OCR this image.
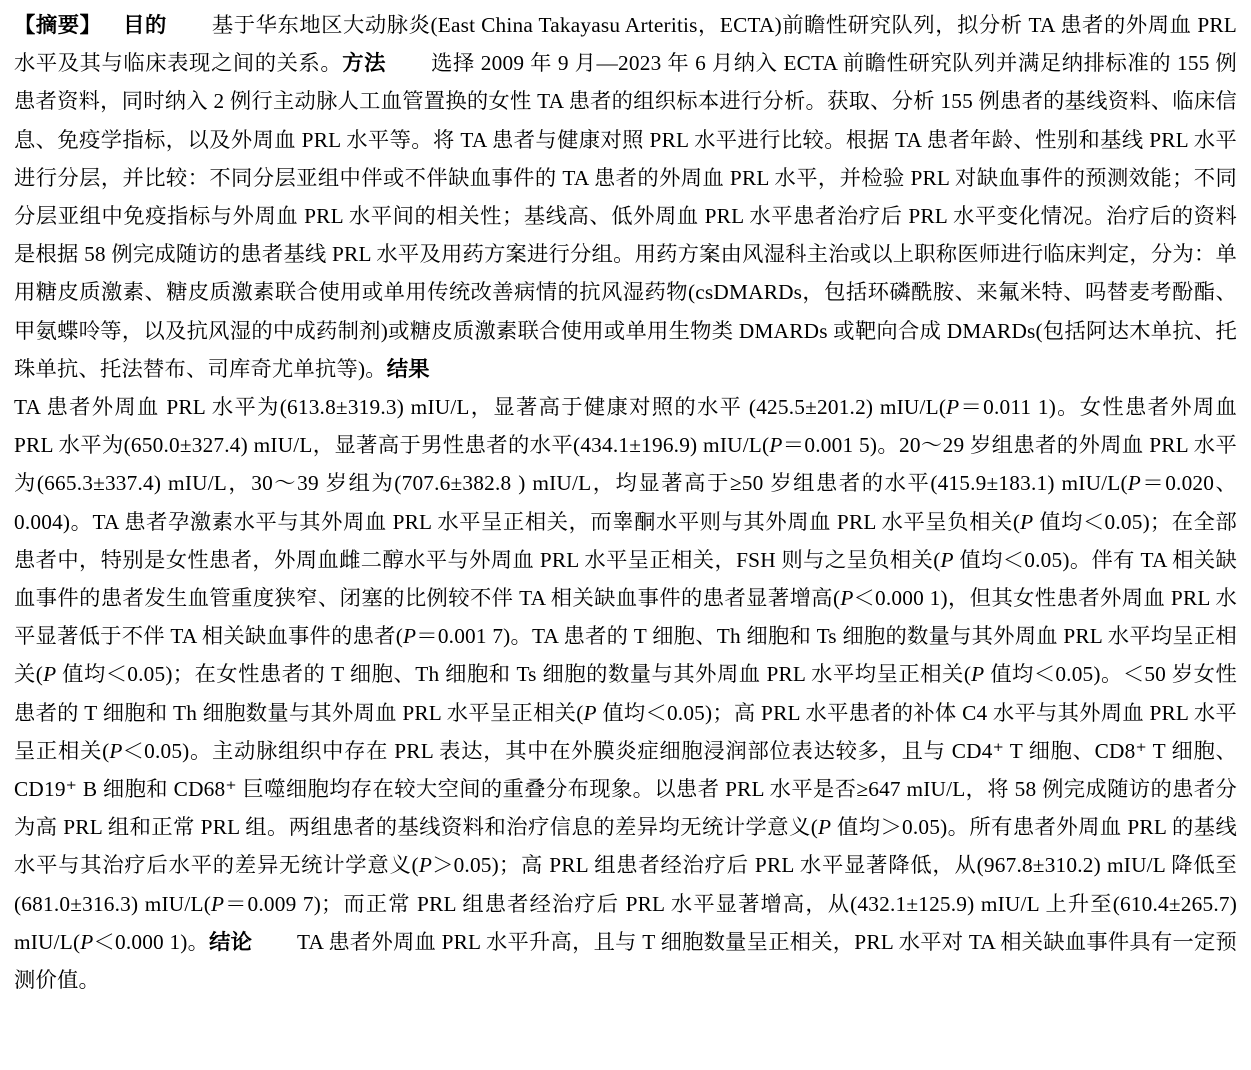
【摘要】 目的 基于华东地区大动脉炎(East China Takayasu Arteritis，ECTA)前瞻性研究队列，拟分析 TA 患者的外周血 PRL 水平及其与临床表现之间的关系。方法 选择 2009 年 9 月—2023 年 6 月纳入 ECTA 前瞻性研究队列并满足纳排标准的 155 例患者资料，同时纳入 2 例行主动脉人工血管置换的女性 TA 患者的组织标本进行分析。获取、分析 155 例患者的基线资料、临床信息、免疫学指标，以及外周血 PRL 水平等。将 TA 患者与健康对照 PRL 水平进行比较。根据 TA 患者年龄、性别和基线 PRL 水平进行分层，并比较：不同分层亚组中伴或不伴缺血事件的 TA 患者的外周血 PRL 水平，并检验 PRL 对缺血事件的预测效能；不同分层亚组中免疫指标与外周血 PRL 水平间的相关性；基线高、低外周血 PRL 水平患者治疗后 PRL 水平变化情况。治疗后的资料是根据 58 例完成随访的患者基线 PRL 水平及用药方案进行分组。用药方案由风湿科主治或以上职称医师进行临床判定，分为：单用糖皮质激素、糖皮质激素联合使用或单用传统改善病情的抗风湿药物(csDMARDs，包括环磷酰胺、来氟米特、吗替麦考酚酯、甲氨蝶呤等，以及抗风湿的中成药制剂)或糖皮质激素联合使用或单用生物类 DMARDs 或靶向合成 DMARDs(包括阿达木单抗、托珠单抗、托法替布、司库奇尤单抗等)。结果
TA 患者外周血 PRL 水平为(613.8±319.3) mIU/L，显著高于健康对照的水平 (425.5±201.2) mIU/L(P＝0.011 1)。女性患者外周血 PRL 水平为(650.0±327.4) mIU/L，显著高于男性患者的水平(434.1±196.9) mIU/L(P＝0.001 5)。20～29 岁组患者的外周血 PRL 水平为(665.3±337.4) mIU/L，30～39 岁组为(707.6±382.8 ) mIU/L，均显著高于≥50 岁组患者的水平(415.9±183.1) mIU/L(P＝0.020、0.004)。TA 患者孕激素水平与其外周血 PRL 水平呈正相关，而睾酮水平则与其外周血 PRL 水平呈负相关(P 值均＜0.05)；在全部患者中，特别是女性患者，外周血雌二醇水平与外周血 PRL 水平呈正相关，FSH 则与之呈负相关(P 值均＜0.05)。伴有 TA 相关缺血事件的患者发生血管重度狭窄、闭塞的比例较不伴 TA 相关缺血事件的患者显著增高(P＜0.000 1)，但其女性患者外周血 PRL 水平显著低于不伴 TA 相关缺血事件的患者(P＝0.001 7)。TA 患者的 T 细胞、Th 细胞和 Ts 细胞的数量与其外周血 PRL 水平均呈正相关(P 值均＜0.05)；在女性患者的 T 细胞、Th 细胞和 Ts 细胞的数量与其外周血 PRL 水平均呈正相关(P 值均＜0.05)。＜50 岁女性患者的 T 细胞和 Th 细胞数量与其外周血 PRL 水平呈正相关(P 值均＜0.05)；高 PRL 水平患者的补体 C4 水平与其外周血 PRL 水平呈正相关(P＜0.05)。主动脉组织中存在 PRL 表达，其中在外膜炎症细胞浸润部位表达较多，且与 CD4⁺ T 细胞、CD8⁺ T 细胞、CD19⁺ B 细胞和 CD68⁺ 巨噬细胞均存在较大空间的重叠分布现象。以患者 PRL 水平是否≥647 mIU/L，将 58 例完成随访的患者分为高 PRL 组和正常 PRL 组。两组患者的基线资料和治疗信息的差异均无统计学意义(P 值均＞0.05)。所有患者外周血 PRL 的基线水平与其治疗后水平的差异无统计学意义(P＞0.05)；高 PRL 组患者经治疗后 PRL 水平显著降低，从(967.8±310.2) mIU/L 降低至(681.0±316.3) mIU/L(P＝0.009 7)；而正常 PRL 组患者经治疗后 PRL 水平显著增高，从(432.1±125.9) mIU/L 上升至(610.4±265.7) mIU/L(P＜0.000 1)。结论 TA 患者外周血 PRL 水平升高，且与 T 细胞数量呈正相关，PRL 水平对 TA 相关缺血事件具有一定预测价值。
